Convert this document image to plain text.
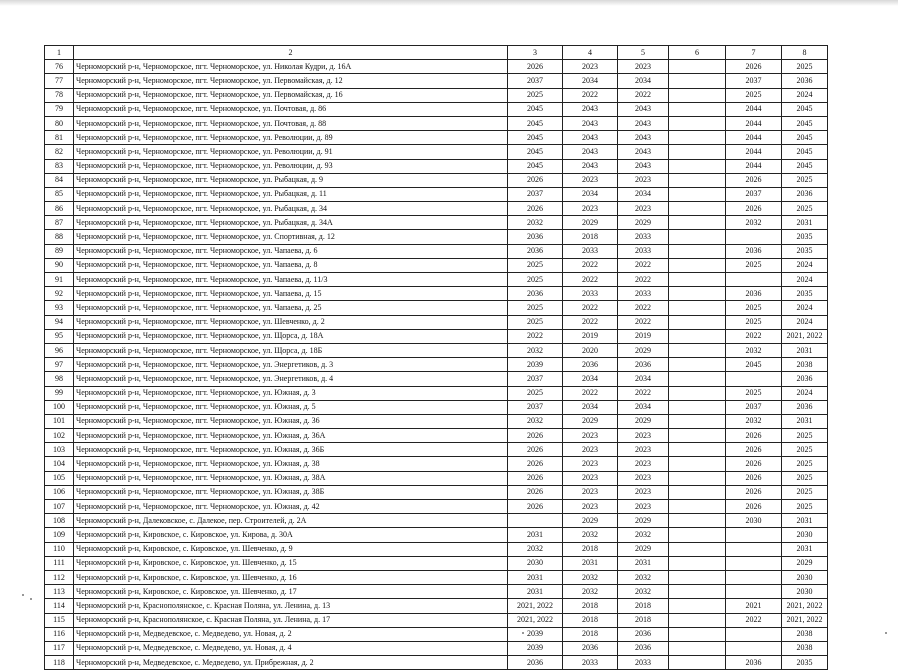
1	2	3	4	5	6	7	8
76	Черноморский р-н, Черноморское, пгт. Черноморское, ул. Николая Кудри, д. 16А	2026	2023	2023		2026	2025
77	Черноморский р-н, Черноморское, пгт. Черноморское, ул. Первомайская, д. 12	2037	2034	2034		2037	2036
78	Черноморский р-н, Черноморское, пгт. Черноморское, ул. Первомайская, д. 16	2025	2022	2022		2025	2024
79	Черноморский р-н, Черноморское, пгт. Черноморское, ул. Почтовая, д. 86	2045	2043	2043		2044	2045
80	Черноморский р-н, Черноморское, пгт. Черноморское, ул. Почтовая, д. 88	2045	2043	2043		2044	2045
81	Черноморский р-н, Черноморское, пгт. Черноморское, ул. Революции, д. 89	2045	2043	2043		2044	2045
82	Черноморский р-н, Черноморское, пгт. Черноморское, ул. Революции, д. 91	2045	2043	2043		2044	2045
83	Черноморский р-н, Черноморское, пгт. Черноморское, ул. Революции, д. 93	2045	2043	2043		2044	2045
84	Черноморский р-н, Черноморское, пгт. Черноморское, ул. Рыбацкая, д. 9	2026	2023	2023		2026	2025
85	Черноморский р-н, Черноморское, пгт. Черноморское, ул. Рыбацкая, д. 11	2037	2034	2034		2037	2036
86	Черноморский р-н, Черноморское, пгт. Черноморское, ул. Рыбацкая, д. 34	2026	2023	2023		2026	2025
87	Черноморский р-н, Черноморское, пгт. Черноморское, ул. Рыбацкая, д. 34А	2032	2029	2029		2032	2031
88	Черноморский р-н, Черноморское, пгт. Черноморское, ул. Спортивная, д. 12	2036	2018	2033			2035
89	Черноморский р-н, Черноморское, пгт. Черноморское, ул. Чапаева, д. 6	2036	2033	2033		2036	2035
90	Черноморский р-н, Черноморское, пгт. Черноморское, ул. Чапаева, д. 8	2025	2022	2022		2025	2024
91	Черноморский р-н, Черноморское, пгт. Черноморское, ул. Чапаева, д. 11/3	2025	2022	2022			2024
92	Черноморский р-н, Черноморское, пгт. Черноморское, ул. Чапаева, д. 15	2036	2033	2033		2036	2035
93	Черноморский р-н, Черноморское, пгт. Черноморское, ул. Чапаева, д. 25	2025	2022	2022		2025	2024
94	Черноморский р-н, Черноморское, пгт. Черноморское, ул. Шевченко, д. 2	2025	2022	2022		2025	2024
95	Черноморский р-н, Черноморское, пгт. Черноморское, ул. Щорса, д. 18А	2022	2019	2019		2022	2021, 2022
96	Черноморский р-н, Черноморское, пгт. Черноморское, ул. Щорса, д. 18Б	2032	2020	2029		2032	2031
97	Черноморский р-н, Черноморское, пгт. Черноморское, ул. Энергетиков, д. 3	2039	2036	2036		2045	2038
98	Черноморский р-н, Черноморское, пгт. Черноморское, ул. Энергетиков, д. 4	2037	2034	2034			2036
99	Черноморский р-н, Черноморское, пгт. Черноморское, ул. Южная, д. 3	2025	2022	2022		2025	2024
100	Черноморский р-н, Черноморское, пгт. Черноморское, ул. Южная, д. 5	2037	2034	2034		2037	2036
101	Черноморский р-н, Черноморское, пгт. Черноморское, ул. Южная, д. 36	2032	2029	2029		2032	2031
102	Черноморский р-н, Черноморское, пгт. Черноморское, ул. Южная, д. 36А	2026	2023	2023		2026	2025
103	Черноморский р-н, Черноморское, пгт. Черноморское, ул. Южная, д. 36Б	2026	2023	2023		2026	2025
104	Черноморский р-н, Черноморское, пгт. Черноморское, ул. Южная, д. 38	2026	2023	2023		2026	2025
105	Черноморский р-н, Черноморское, пгт. Черноморское, ул. Южная, д. 38А	2026	2023	2023		2026	2025
106	Черноморский р-н, Черноморское, пгт. Черноморское, ул. Южная, д. 38Б	2026	2023	2023		2026	2025
107	Черноморский р-н, Черноморское, пгт. Черноморское, ул. Южная, д. 42	2026	2023	2023		2026	2025
108	Черноморский р-н, Далековское, с. Далекое, пер. Строителей, д. 2А		2029	2029		2030	2031
109	Черноморский р-н, Кировское, с. Кировское, ул. Кирова, д. 30А	2031	2032	2032			2030
110	Черноморский р-н, Кировское, с. Кировское, ул. Шевченко, д. 9	2032	2018	2029			2031
111	Черноморский р-н, Кировское, с. Кировское, ул. Шевченко, д. 15	2030	2031	2031			2029
112	Черноморский р-н, Кировское, с. Кировское, ул. Шевченко, д. 16	2031	2032	2032			2030
113	Черноморский р-н, Кировское, с. Кировское, ул. Шевченко, д. 17	2031	2032	2032			2030
114	Черноморский р-н, Краснополянское, с. Красная Поляна, ул. Ленина, д. 13	2021, 2022	2018	2018		2021	2021, 2022
115	Черноморский р-н, Краснополянское, с. Красная Поляна, ул. Ленина, д. 17	2021, 2022	2018	2018		2022	2021, 2022
116	Черноморский р-н, Медведевское, с. Медведево, ул. Новая, д. 2	2039	2018	2036			2038
117	Черноморский р-н, Медведевское, с. Медведево, ул. Новая, д. 4	2039	2036	2036			2038
118	Черноморский р-н, Медведевское, с. Медведево, ул. Прибрежная, д. 2	2036	2033	2033		2036	2035
